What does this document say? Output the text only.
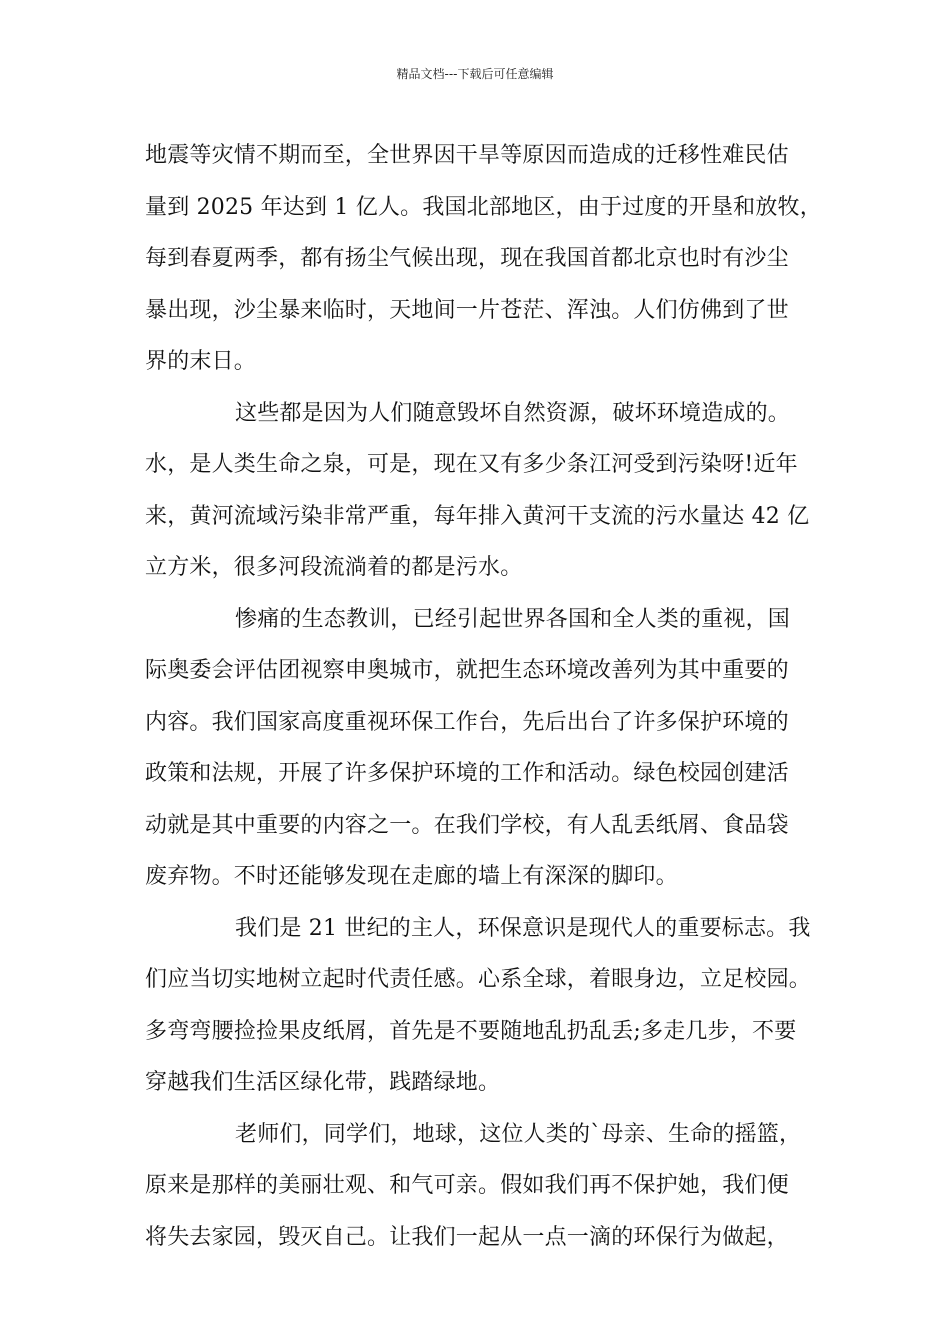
精品文档---下载后可任意编辑
地震等灾情不期而至，全世界因干旱等原因而造成的迁移性难民估
量到 2025 年达到 1 亿人。我国北部地区，由于过度的开垦和放牧，
每到春夏两季，都有扬尘气候出现，现在我国首都北京也时有沙尘
暴出现，沙尘暴来临时，天地间一片苍茫、浑浊。人们仿佛到了世
界的末日。
这些都是因为人们随意毁坏自然资源，破坏环境造成的。
水，是人类生命之泉，可是，现在又有多少条江河受到污染呀!近年
来，黄河流域污染非常严重，每年排入黄河干支流的污水量达 42 亿
立方米，很多河段流淌着的都是污水。
惨痛的生态教训，已经引起世界各国和全人类的重视，国
际奥委会评估团视察申奥城市，就把生态环境改善列为其中重要的
内容。我们国家高度重视环保工作台，先后出台了许多保护环境的
政策和法规，开展了许多保护环境的工作和活动。绿色校园创建活
动就是其中重要的内容之一。在我们学校，有人乱丢纸屑、食品袋
废弃物。不时还能够发现在走廊的墙上有深深的脚印。
我们是 21 世纪的主人，环保意识是现代人的重要标志。我
们应当切实地树立起时代责任感。心系全球，着眼身边，立足校园。
多弯弯腰捡捡果皮纸屑，首先是不要随地乱扔乱丢;多走几步，不要
穿越我们生活区绿化带，践踏绿地。
老师们，同学们，地球，这位人类的`母亲、生命的摇篮，
原来是那样的美丽壮观、和气可亲。假如我们再不保护她，我们便
将失去家园，毁灭自己。让我们一起从一点一滴的环保行为做起，
